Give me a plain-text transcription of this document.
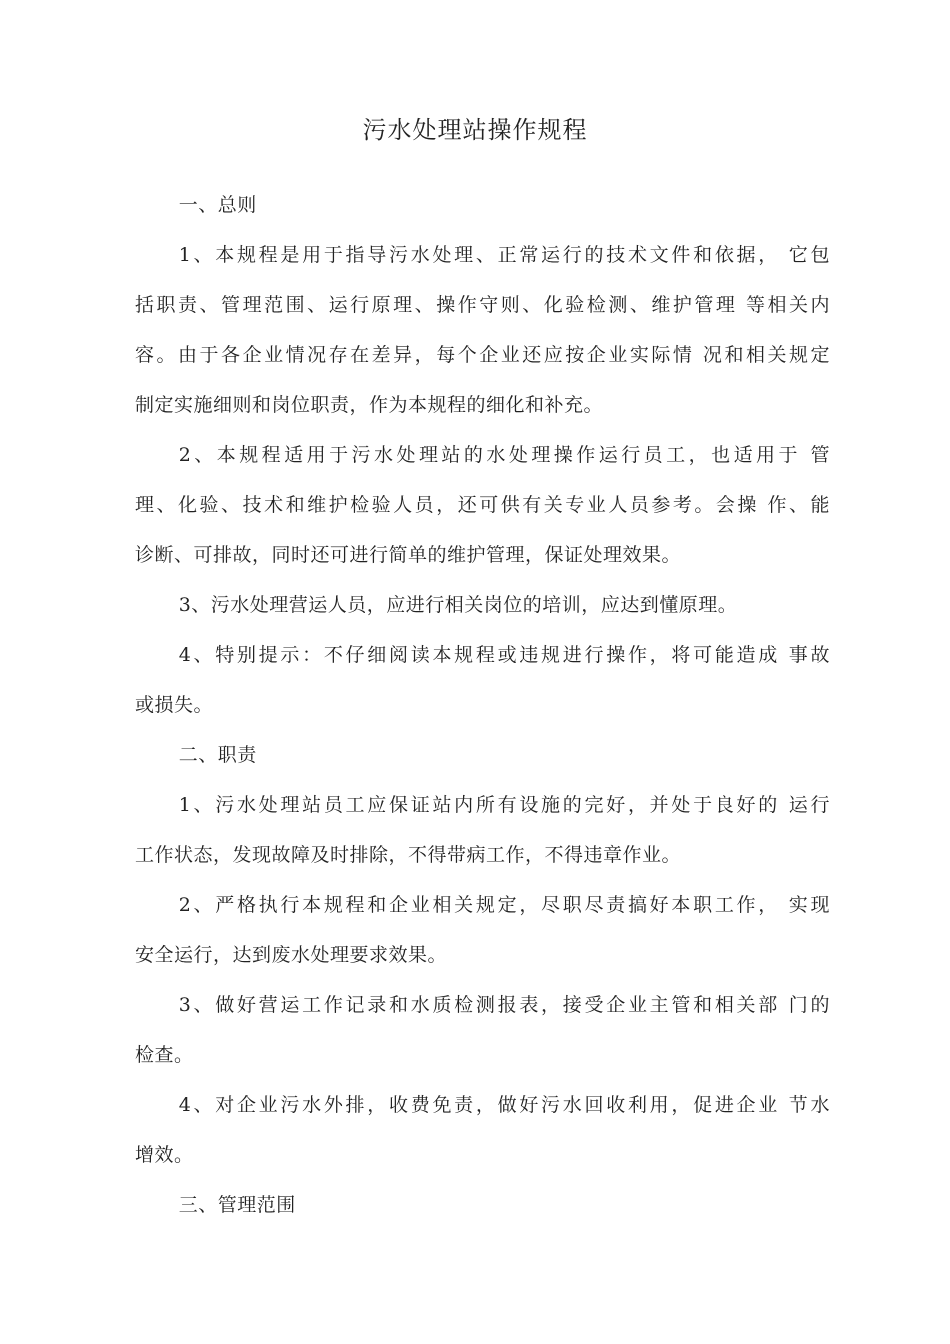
污水处理站操作规程
一、总则
1、本规程是用于指导污水处理、正常运行的技术文件和依据， 它包
括职责、管理范围、运行原理、操作守则、化验检测、维护管理 等相关内
容。由于各企业情况存在差异，每个企业还应按企业实际情 况和相关规定
制定实施细则和岗位职责，作为本规程的细化和补充。
2、本规程适用于污水处理站的水处理操作运行员工，也适用于 管
理、化验、技术和维护检验人员，还可供有关专业人员参考。会操 作、能
诊断、可排故，同时还可进行简单的维护管理，保证处理效果。
3、污水处理营运人员，应进行相关岗位的培训，应达到懂原理。
4、特别提示：不仔细阅读本规程或违规进行操作，将可能造成 事故
或损失。
二、职责
1、污水处理站员工应保证站内所有设施的完好，并处于良好的 运行
工作状态，发现故障及时排除，不得带病工作，不得违章作业。
2、严格执行本规程和企业相关规定，尽职尽责搞好本职工作， 实现
安全运行，达到废水处理要求效果。
3、做好营运工作记录和水质检测报表，接受企业主管和相关部 门的
检查。
4、对企业污水外排，收费免责，做好污水回收利用，促进企业 节水
增效。
三、管理范围
